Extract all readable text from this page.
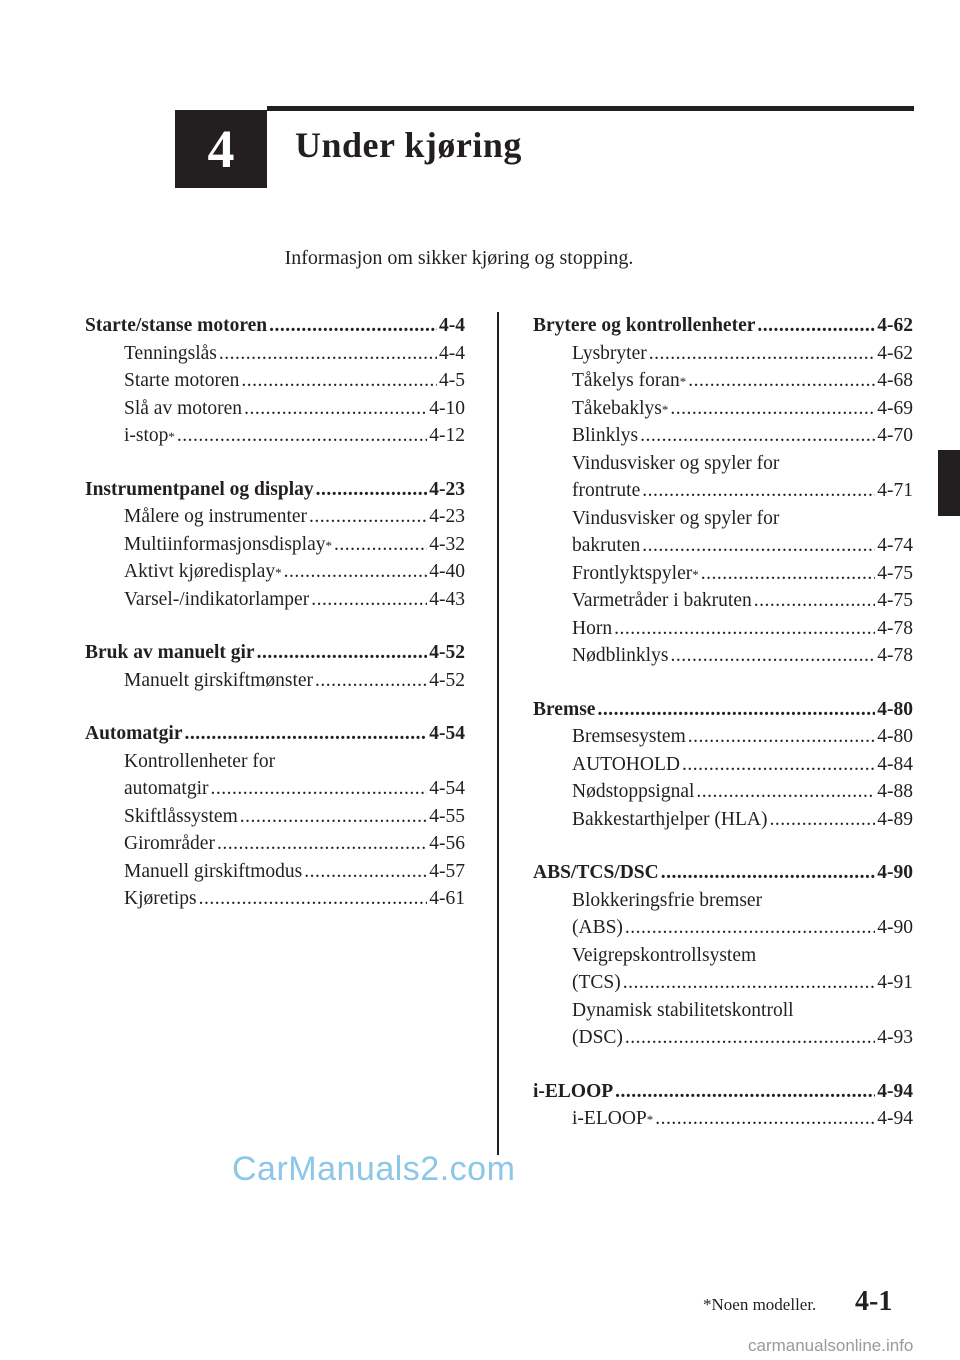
4 Under kjøring
Informasjon om sikker kjøring og stopping.
Starte/stanse motoren .....	4-4
Tenningslås .....	4-4
Starte motoren .....	4-5
Slå av motoren .....	4-10
i-stop * .....	4-12
Instrumentpanel og display .....	4-23
Målere og instrumenter .....	4-23
Multiinformasjonsdisplay * .....	4-32
Aktivt kjøredisplay * .....	4-40
Varsel-/indikatorlamper .....	4-43
Bruk av manuelt gir .....	4-52
Manuelt girskiftmønster .....	4-52
Automatgir .....	4-54
Kontrollenheter for
automatgir .....	4-54
Skiftlåssystem .....	4-55
Girområder .....	4-56
Manuell girskiftmodus .....	4-57
Kjøretips .....	4-61
Brytere og kontrollenheter .....	4-62
Lysbryter .....	4-62
Tåkelys foran * .....	4-68
Tåkebaklys * .....	4-69
Blinklys .....	4-70
Vindusvisker og spyler for
frontrute .....	4-71
Vindusvisker og spyler for
bakruten .....	4-74
Frontlyktspyler * .....	4-75
Varmetråder i bakruten .....	4-75
Horn .....	4-78
Nødblinklys .....	4-78
Bremse .....	4-80
Bremsesystem .....	4-80
AUTOHOLD .....	4-84
Nødstoppsignal .....	4-88
Bakkestarthjelper (HLA) .....	4-89
ABS/TCS/DSC .....	4-90
Blokkeringsfrie bremser
(ABS) .....	4-90
Veigrepskontrollsystem
(TCS) .....	4-91
Dynamisk stabilitetskontroll
(DSC) .....	4-93
i-ELOOP .....	4-94
i-ELOOP * .....	4-94
CarManuals2.com
*Noen modeller. 4-1
carmanualsonline.info
